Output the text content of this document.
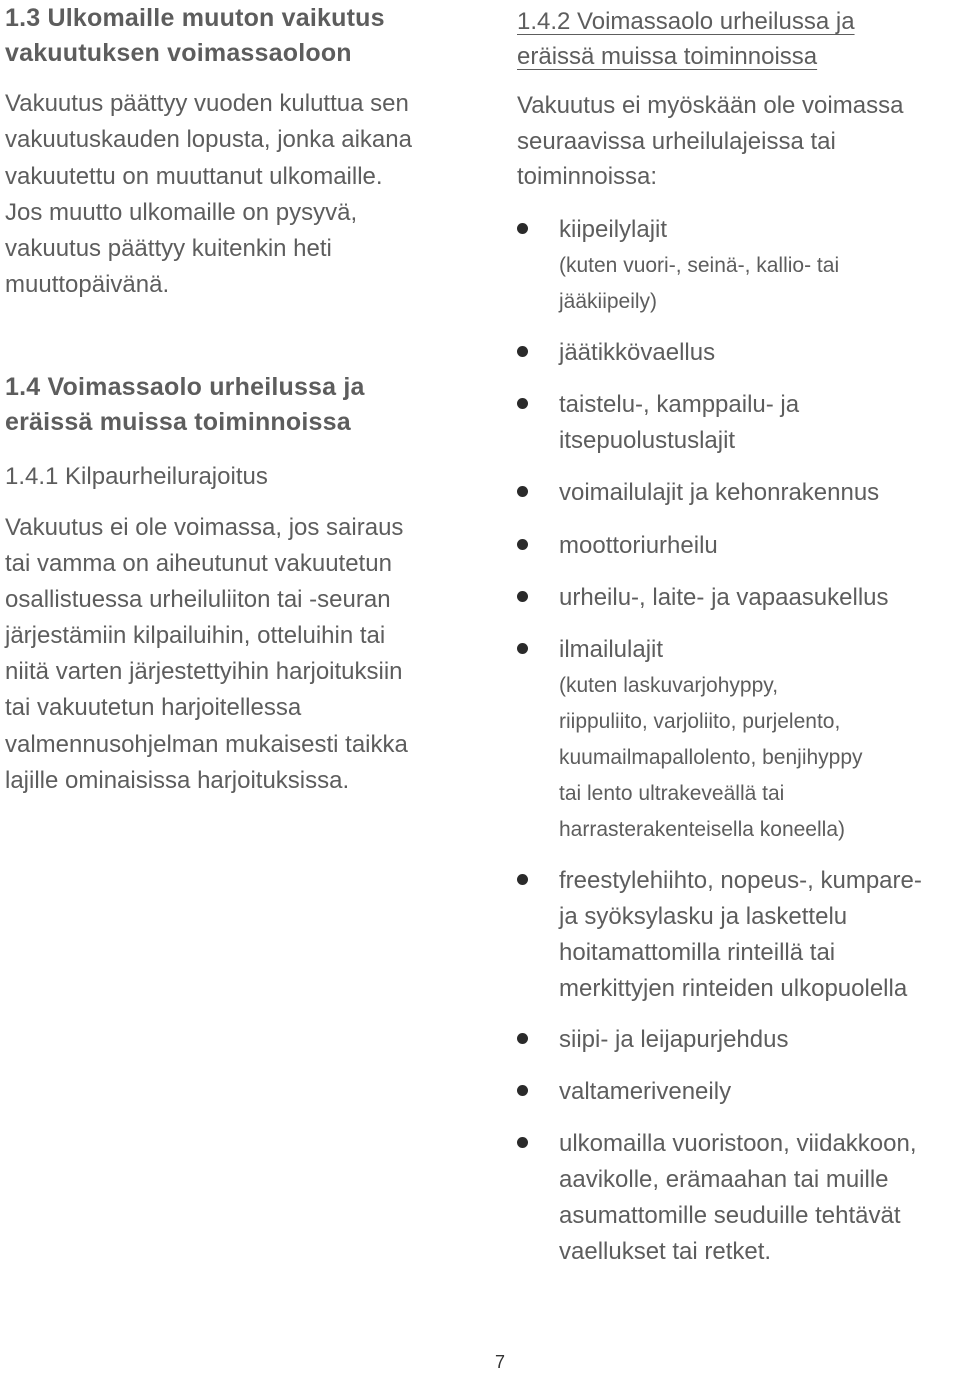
1.3 Ulkomaille muuton vaikutus
vakuutuksen voimassaoloon

Vakuutus päättyy vuoden kuluttua sen
vakuutuskauden lopusta, jonka aikana
vakuutettu on muuttanut ulkomaille.
Jos muutto ulkomaille on pysyvä,
vakuutus päättyy kuitenkin heti
muuttopäivänä.

1.4 Voimassaolo urheilussa ja
eräissä muissa toiminnoissa
1.4.1 Kilpaurheilurajoitus

Vakuutus ei ole voimassa, jos sairaus
tai vamma on aiheutunut vakuutetun
osallistuessa urheiluliiton tai -seuran
järjestämiin kilpailuihin, otteluihin tai
niitä varten järjestettyihin harjoituksiin
tai vakuutetun harjoitellessa
valmennusohjelman mukaisesti taikka
lajille ominaisissa harjoituksissa.

1.4.2 Voimassaolo urheilussa ja
eräissä muissa toiminnoissa

Vakuutus ei myöskään ole voimassa
seuraavissa urheilulajeissa tai
toiminnoissa:

kiipeilylajit
(kuten vuori-, seinä-, kallio- tai
jääkiipeily)
jäätikkövaellus
taistelu-, kamppailu- ja
itsepuolustuslajit
voimailulajit ja kehonrakennus
moottoriurheilu
urheilu-, laite- ja vapaasukellus
ilmailulajit
(kuten laskuvarjohyppy,
riippuliito, varjoliito, purjelento,
kuumailmapallolento, benjihyppy
tai lento ultrakeveällä tai
harrasterakenteisella koneella)
freestylehiihto, nopeus-, kumpare-
ja syöksylasku ja laskettelu
hoitamattomilla rinteillä tai
merkittyjen rinteiden ulkopuolella
siipi- ja leijapurjehdus
valtameriveneily
ulkomailla vuoristoon, viidakkoon,
aavikolle, erämaahan tai muille
asumattomille seuduille tehtävät
vaellukset tai retket.
7
